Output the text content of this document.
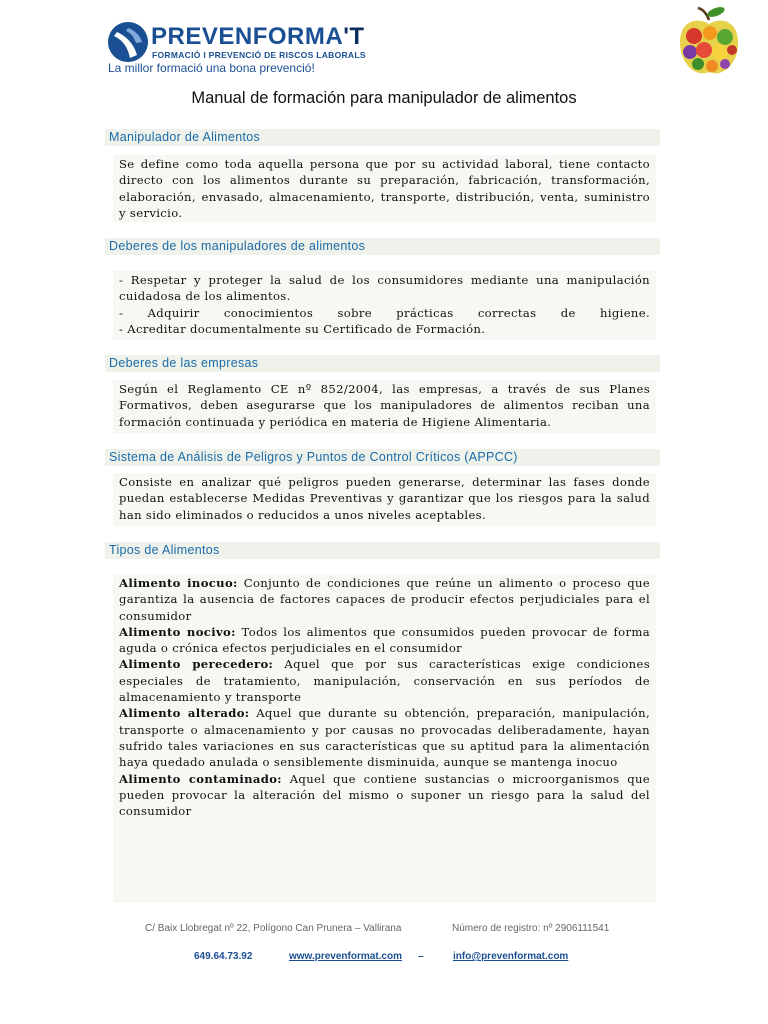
PREVENFORMA'T
FORMACIÓ I PREVENCIÓ DE RISCOS LABORALS
La millor formació una bona prevenció!
Manual de formación para manipulador de alimentos
Manipulador de Alimentos

Se define como toda aquella persona que por su actividad laboral, tiene contacto directo con los alimentos durante su preparación, fabricación, transformación, elaboración, envasado, almacenamiento, transporte, distribución, venta, suministro y servicio.

Deberes de los manipuladores de alimentos

- Respetar y proteger la salud de los consumidores mediante una manipulación cuidadosa de los alimentos.

- Adquirir conocimientos sobre prácticas correctas de higiene.

- Acreditar documentalmente su Certificado de Formación.

Deberes de las empresas

Según el Reglamento CE nº 852/2004, las empresas, a través de sus Planes Formativos, deben asegurarse que los manipuladores de alimentos reciban una formación continuada y periódica en materia de Higiene Alimentaria.

Sistema de Análisis de Peligros y Puntos de Control Críticos (APPCC)

Consiste en analizar qué peligros pueden generarse, determinar las fases donde puedan establecerse Medidas Preventivas y garantizar que los riesgos para la salud han sido eliminados o reducidos a unos niveles aceptables.

Tipos de Alimentos

Alimento inocuo: Conjunto de condiciones que reúne un alimento o proceso que garantiza la ausencia de factores capaces de producir efectos perjudiciales para el consumidor

Alimento nocivo: Todos los alimentos que consumidos pueden provocar de forma aguda o crónica efectos perjudiciales en el consumidor

Alimento perecedero: Aquel que por sus características exige condiciones especiales de tratamiento, manipulación, conservación en sus períodos de almacenamiento y transporte

Alimento alterado: Aquel que durante su obtención, preparación, manipulación, transporte o almacenamiento y por causas no provocadas deliberadamente, hayan sufrido tales variaciones en sus características que su aptitud para la alimentación haya quedado anulada o sensiblemente disminuida, aunque se mantenga inocuo

Alimento contaminado: Aquel que contiene sustancias o microorganismos que pueden provocar la alteración del mismo o suponer un riesgo para la salud del consumidor

C/ Baix Llobregat nº 22, Polígono Can Prunera – Vallirana	Número de registro: nº 2906111541
649.64.73.92	www.prevenformat.com –	info@prevenformat.com
